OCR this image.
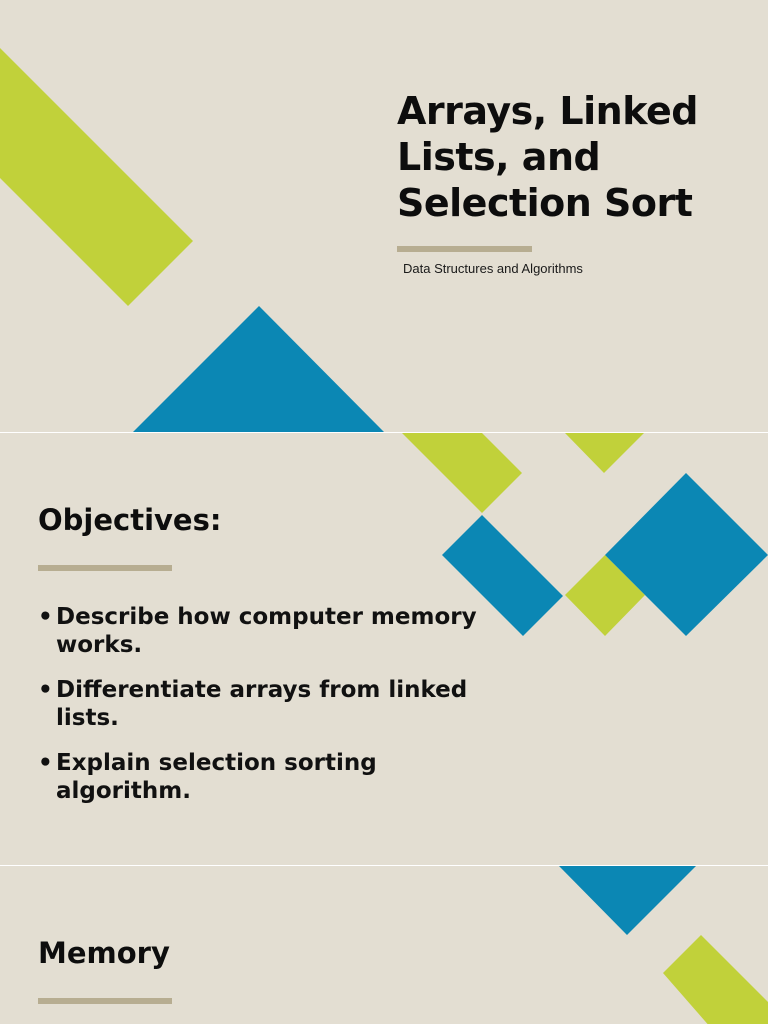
Arrays, Linked
Lists, and
Selection Sort

Data Structures and Algorithms

Objectives:
• Describe how computer memory works.
• Differentiate arrays from linked lists.
• Explain selection sorting algorithm.
Memory
